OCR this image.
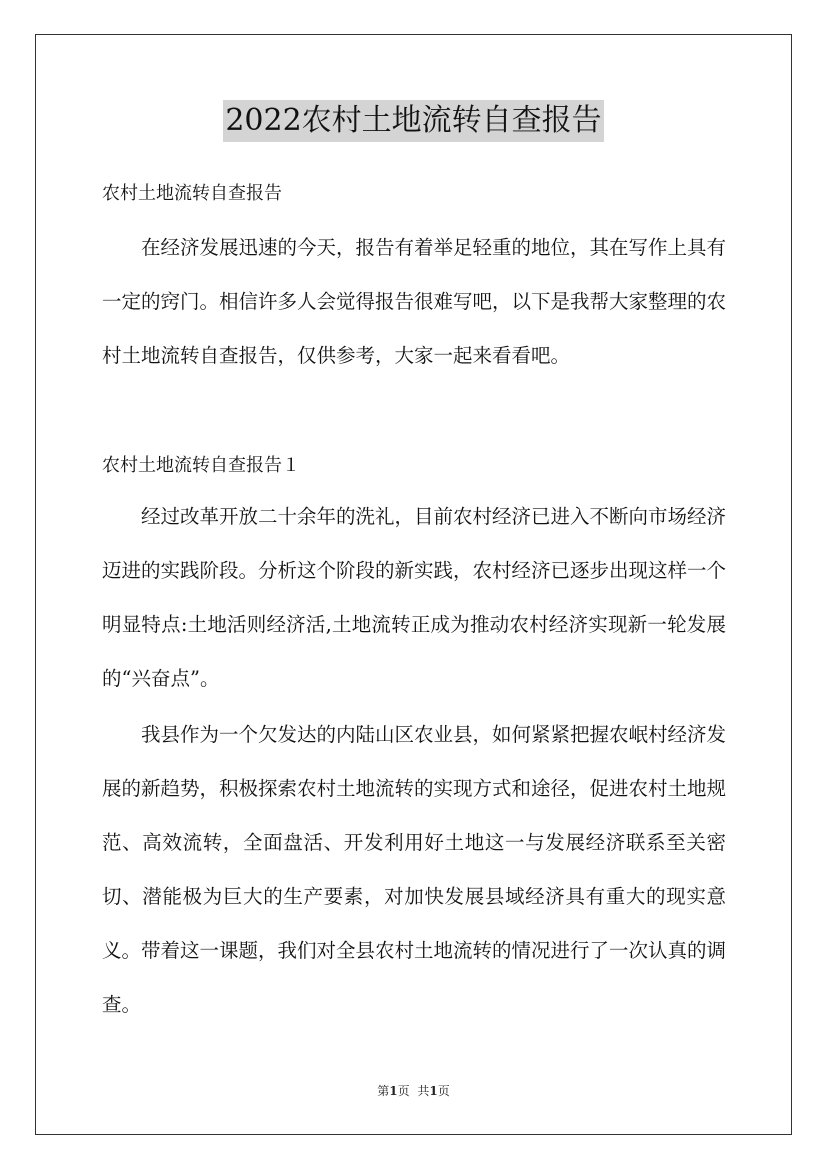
2022农村土地流转自查报告
农村土地流转自查报告

在经济发展迅速的今天，报告有着举足轻重的地位，其在写作上具有一定的窍门。相信许多人会觉得报告很难写吧，以下是我帮大家整理的农村土地流转自查报告，仅供参考，大家一起来看看吧。

农村土地流转自查报告１

经过改革开放二十余年的洗礼，目前农村经济已进入不断向市场经济迈进的实践阶段。分析这个阶段的新实践，农村经济已逐步出现这样一个明显特点:土地活则经济活,土地流转正成为推动农村经济实现新一轮发展的“兴奋点”。

我县作为一个欠发达的内陆山区农业县，如何紧紧把握农岷村经济发展的新趋势，积极探索农村土地流转的实现方式和途径，促进农村土地规范、高效流转，全面盘活、开发利用好土地这一与发展经济联系至关密切、潜能极为巨大的生产要素，对加快发展县域经济具有重大的现实意义。带着这一课题，我们对全县农村土地流转的情况进行了一次认真的调查。

第1页 共1页
